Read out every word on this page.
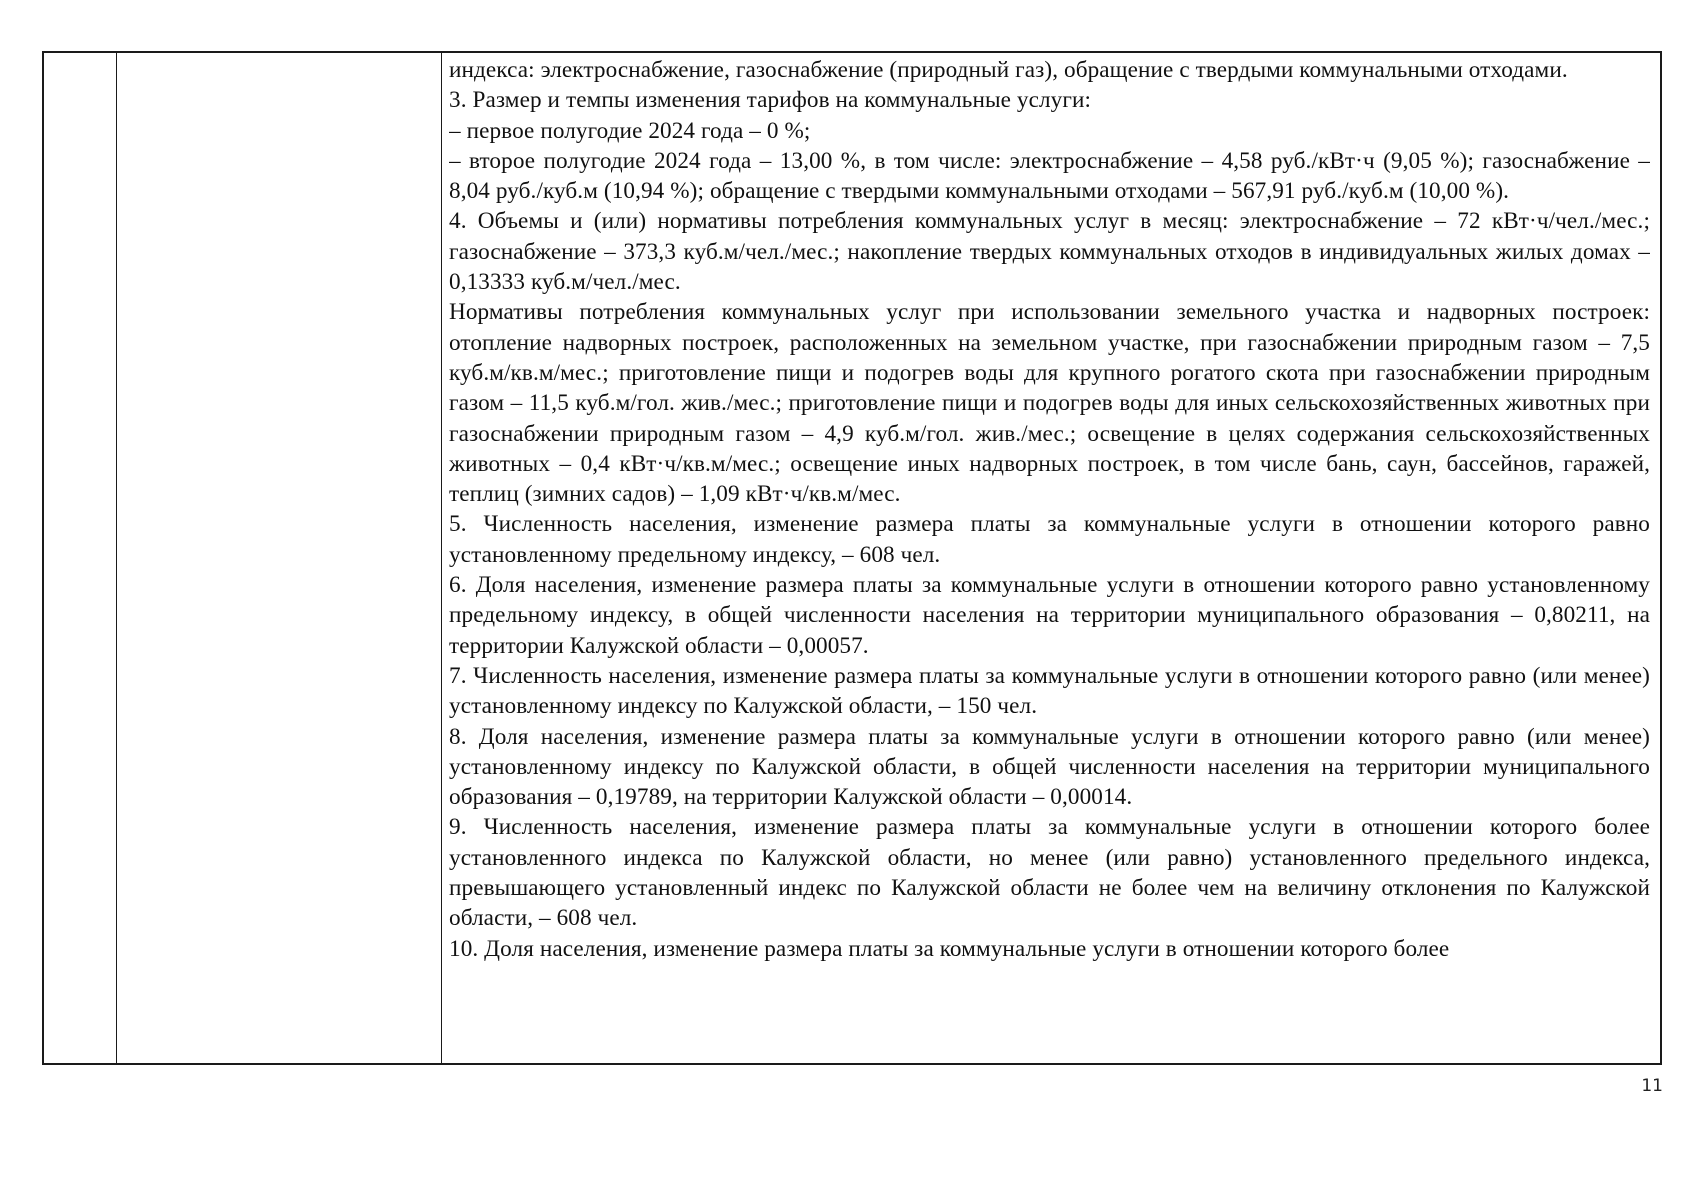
индекса: электроснабжение, газоснабжение (природный газ), обращение с твердыми коммунальными отходами.

3. Размер и темпы изменения тарифов на коммунальные услуги:

– первое полугодие 2024 года – 0 %;

– второе полугодие 2024 года – 13,00 %, в том числе: электроснабжение – 4,58 руб./кВт·ч (9,05 %); газоснабжение – 8,04 руб./куб.м (10,94 %); обращение с твердыми коммунальными отходами – 567,91 руб./куб.м (10,00 %).

4. Объемы и (или) нормативы потребления коммунальных услуг в месяц: электроснабжение – 72 кВт·ч/чел./мес.; газоснабжение – 373,3 куб.м/чел./мес.; накопление твердых коммунальных отходов в индивидуальных жилых домах – 0,13333 куб.м/чел./мес.

Нормативы потребления коммунальных услуг при использовании земельного участка и надворных построек: отопление надворных построек, расположенных на земельном участке, при газоснабжении природным газом – 7,5 куб.м/кв.м/мес.; приготовление пищи и подогрев воды для крупного рогатого скота при газоснабжении природным газом – 11,5 куб.м/гол. жив./мес.; приготовление пищи и подогрев воды для иных сельскохозяйственных животных при газоснабжении природным газом – 4,9 куб.м/гол. жив./мес.; освещение в целях содержания сельскохозяйственных животных – 0,4 кВт·ч/кв.м/мес.; освещение иных надворных построек, в том числе бань, саун, бассейнов, гаражей, теплиц (зимних садов) – 1,09 кВт·ч/кв.м/мес.

5. Численность населения, изменение размера платы за коммунальные услуги в отношении которого равно установленному предельному индексу, – 608 чел.

6. Доля населения, изменение размера платы за коммунальные услуги в отношении которого равно установленному предельному индексу, в общей численности населения на территории муниципального образования – 0,80211, на территории Калужской области – 0,00057.

7. Численность населения, изменение размера платы за коммунальные услуги в отношении которого равно (или менее) установленному индексу по Калужской области, – 150 чел.

8. Доля населения, изменение размера платы за коммунальные услуги в отношении которого равно (или менее) установленному индексу по Калужской области, в общей численности населения на территории муниципального образования – 0,19789, на территории Калужской области – 0,00014.

9. Численность населения, изменение размера платы за коммунальные услуги в отношении которого более установленного индекса по Калужской области, но менее (или равно) установленного предельного индекса, превышающего установленный индекс по Калужской области не более чем на величину отклонения по Калужской области, – 608 чел.

10. Доля населения, изменение размера платы за коммунальные услуги в отношении которого более

11
